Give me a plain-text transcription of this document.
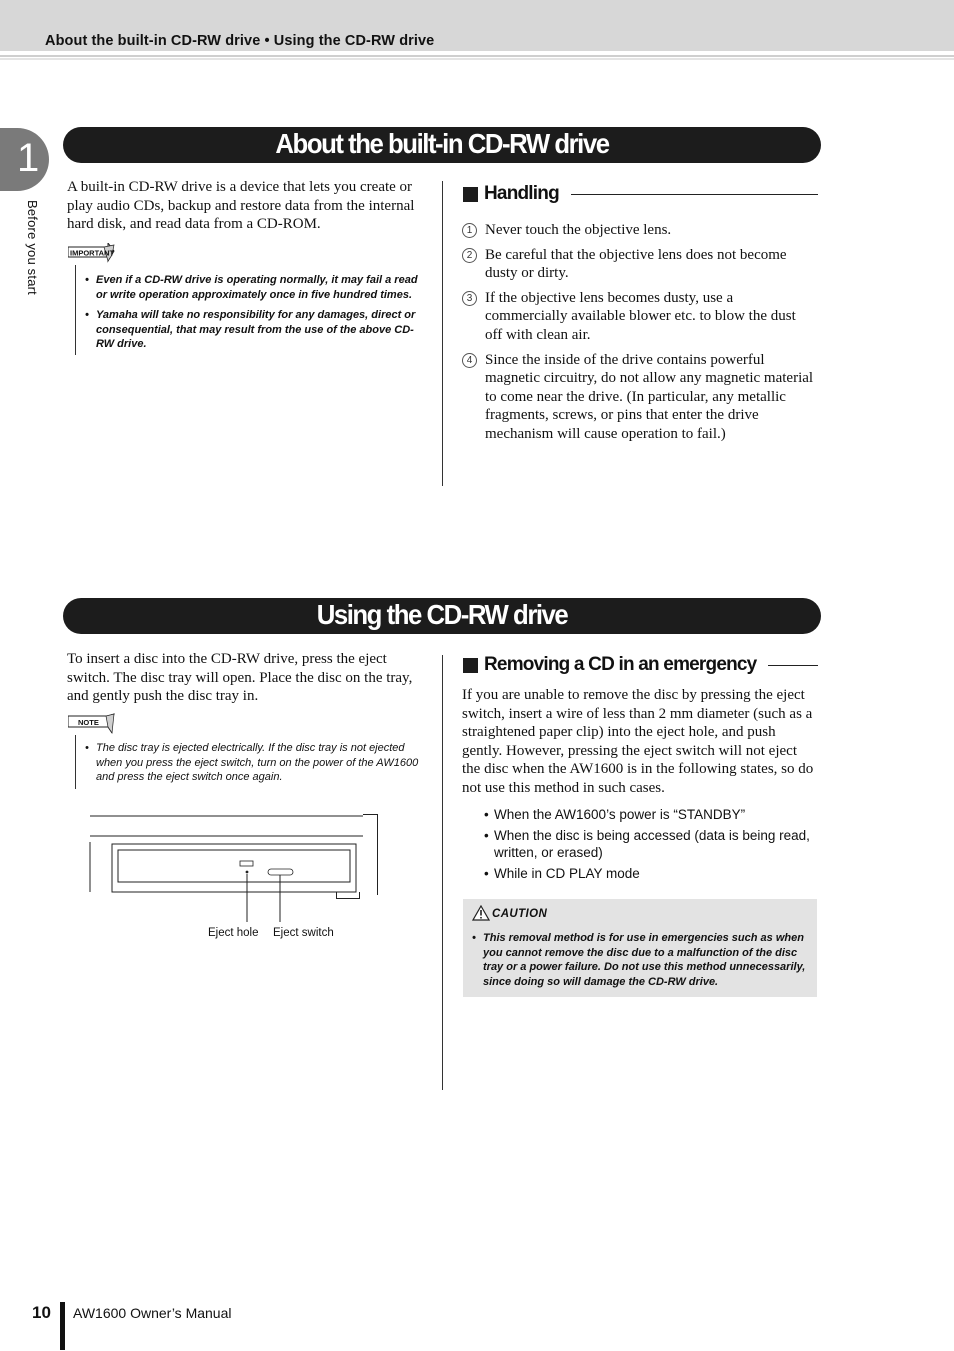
About the built-in CD-RW drive • Using the CD-RW drive
1
Before you start
About the built-in CD-RW drive
A built-in CD-RW drive is a device that lets you create or play audio CDs, backup and restore data from the internal hard disk, and read data from a CD-ROM.
IMPORTANT
• Even if a CD-RW drive is operating normally, it may fail a read or write operation approximately once in five hundred times.
• Yamaha will take no responsibility for any damages, direct or consequential, that may result from the use of the above CD-RW drive.
Handling
1 Never touch the objective lens.
2 Be careful that the objective lens does not become dusty or dirty.
3 If the objective lens becomes dusty, use a commercially available blower etc. to blow the dust off with clean air.
4 Since the inside of the drive contains powerful magnetic circuitry, do not allow any magnetic material to come near the drive. (In particular, any metallic fragments, screws, or pins that enter the drive mechanism will cause operation to fail.)
Using the CD-RW drive
To insert a disc into the CD-RW drive, press the eject switch. The disc tray will open. Place the disc on the tray, and gently push the disc tray in.
NOTE
• The disc tray is ejected electrically. If the disc tray is not ejected when you press the eject switch, turn on the power of the AW1600 and press the eject switch once again.
Eject hole Eject switch
Removing a CD in an emergency
If you are unable to remove the disc by pressing the eject switch, insert a wire of less than 2 mm diameter (such as a straightened paper clip) into the eject hole, and push gently. However, pressing the eject switch will not eject the disc when the AW1600 is in the following states, so do not use this method in such cases.
• When the AW1600’s power is “STANDBY”
• When the disc is being accessed (data is being read, written, or erased)
• While in CD PLAY mode
CAUTION
• This removal method is for use in emergencies such as when you cannot remove the disc due to a malfunction of the disc tray or a power failure. Do not use this method unnecessarily, since doing so will damage the CD-RW drive.
10 AW1600 Owner’s Manual
